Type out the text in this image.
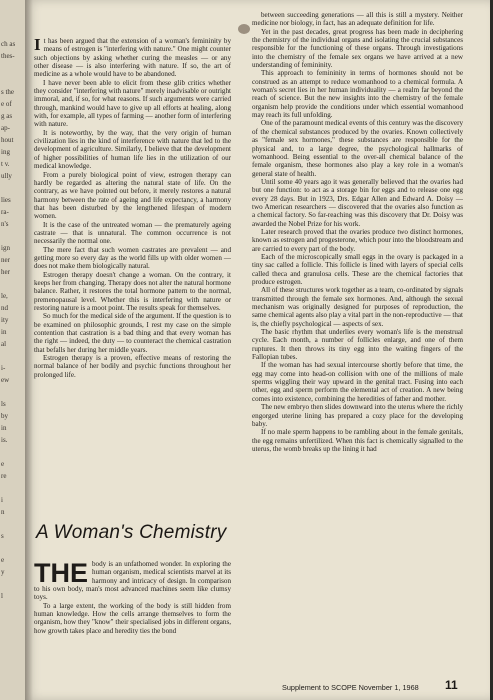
ch as
thes-
s the
e of
g as
ap-
hout
ing
t v.
ully
lies
ra-
n's
ign
ner
her
le,
nd
ity
in
al
i-
ew
ls
by
in
is.
e
re
i
n
s
e
y
l

It has been argued that the extension of a woman's femininity by means of estrogen is "interfering with nature." One might counter such objections by asking whether curing the measles — or any other disease — is also interfering with nature. If so, the art of medicine as a whole would have to be abandoned.

I have never been able to elicit from these glib critics whether they consider "interfering with nature" merely inadvisable or outright immoral, and, if so, for what reasons. If such arguments were carried through, mankind would have to give up all efforts at healing, along with, for example, all types of farming — another form of interfering with nature.

It is noteworthy, by the way, that the very origin of human civilization lies in the kind of interference with nature that led to the development of agriculture. Similarly, I believe that the development of higher possibilities of human life lies in the utilization of our medical knowledge.

From a purely biological point of view, estrogen therapy can hardly be regarded as altering the natural state of life. On the contrary, as we have pointed out before, it merely restores a natural harmony between the rate of ageing and life expectancy, a harmony that has been disturbed by the lengthened lifespan of modern women.

It is the case of the untreated woman — the prematurely ageing castrate — that is unnatural. The common occurrence is not necessarily the normal one.

The mere fact that such women castrates are prevalent — and getting more so every day as the world fills up with older women — does not make them biologically natural.

Estrogen therapy doesn't change a woman. On the contrary, it keeps her from changing. Therapy does not alter the natural hormone balance. Rather, it restores the total hormone pattern to the normal, premenopausal level. Whether this is interfering with nature or restoring nature is a moot point. The results speak for themselves.

So much for the medical side of the argument. If the question is to be examined on philosophic grounds, I rest my case on the simple contention that castration is a bad thing and that every woman has the right — indeed, the duty — to counteract the chemical castration that befalls her during her middle years.

Estrogen therapy is a proven, effective means of restoring the normal balance of her bodily and psychic functions throughout her prolonged life.

A Woman's Chemistry

THE body is an unfathomed wonder. In exploring the human organism, medical scientists marvel at its harmony and intricacy of design. In comparison to his own body, man's most advanced machines seem like clumsy toys.

To a large extent, the working of the body is still hidden from human knowledge. How the cells arrange themselves to form the organism, how they "know" their specialised jobs in different organs, how growth takes place and heredity ties the bond

between succeeding generations — all this is still a mystery. Neither medicine nor biology, in fact, has an adequate definition for life.

Yet in the past decades, great progress has been made in deciphering the chemistry of the individual organs and isolating the crucial substances responsible for the functioning of these organs. Through investigations into the chemistry of the female sex organs we have arrived at a new understanding of femininity.

This approach to femininity in terms of hormones should not be construed as an attempt to reduce womanhood to a chemical formula. A woman's secret lies in her human individuality — a realm far beyond the reach of science. But the new insights into the chemistry of the female organism help provide the conditions under which essential womanhood may reach its full unfolding.

One of the paramount medical events of this century was the discovery of the chemical substances produced by the ovaries. Known collectively as "female sex hormones," these substances are responsible for the physical and, to a large degree, the psychological hallmarks of womanhood. Being essential to the over-all chemical balance of the female organism, these hormones also play a key role in a woman's general state of health.

Until some 40 years ago it was generally believed that the ovaries had but one function: to act as a storage bin for eggs and to release one egg every 28 days. But in 1923, Drs. Edgar Allen and Edward A. Doisy — two American researchers — discovered that the ovaries also function as a chemical factory. So far-reaching was this discovery that Dr. Doisy was awarded the Nobel Prize for his work.

Later research proved that the ovaries produce two distinct hormones, known as estrogen and progesterone, which pour into the bloodstream and are carried to every part of the body.

Each of the microscopically small eggs in the ovary is packaged in a tiny sac called a follicle. This follicle is lined with layers of special cells called theca and granulosa cells. These are the chemical factories that produce estrogen.

All of these structures work together as a team, co-ordinated by signals transmitted through the female sex hormones. And, although the sexual mechanism was originally designed for purposes of reproduction, the same chemical agents also play a vital part in the non-reproductive — that is, the chiefly psychological — aspects of sex.

The basic rhythm that underlies every woman's life is the menstrual cycle. Each month, a number of follicles enlarge, and one of them ruptures. It then throws its tiny egg into the waiting fingers of the Fallopian tubes.

If the woman has had sexual intercourse shortly before that time, the egg may come into head-on collision with one of the millions of male sperms wiggling their way upward in the genital tract. Fusing into each other, egg and sperm perform the elemental act of creation. A new being comes into existence, combining the heredities of father and mother.

The new embryo then slides downward into the uterus where the richly engorged uterine lining has prepared a cozy place for the developing baby.

If no male sperm happens to be rambling about in the female genitals, the egg remains unfertilized. When this fact is chemically signalled to the uterus, the womb breaks up the lining it had

Supplement to SCOPE November 1, 1968	11
